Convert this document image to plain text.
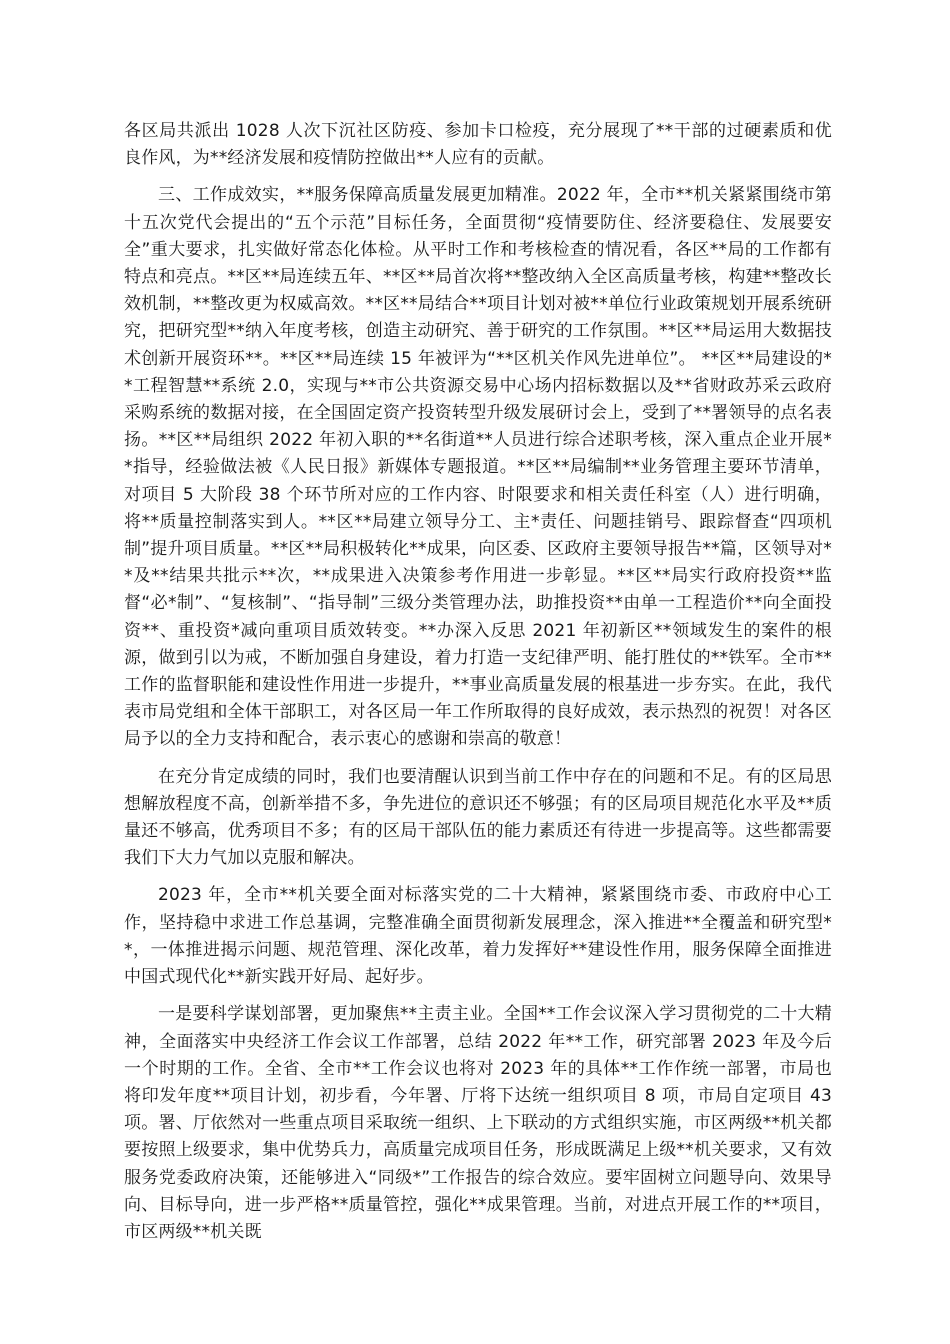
各区局共派出 1028 人次下沉社区防疫、参加卡口检疫，充分展现了**干部的过硬素质和优良作风，为**经济发展和疫情防控做出**人应有的贡献。

三、工作成效实，**服务保障高质量发展更加精准。2022 年，全市**机关紧紧围绕市第十五次党代会提出的“五个示范”目标任务，全面贯彻“疫情要防住、经济要稳住、发展要安全”重大要求，扎实做好常态化体检。从平时工作和考核检查的情况看，各区**局的工作都有特点和亮点。**区**局连续五年、**区**局首次将**整改纳入全区高质量考核，构建**整改长效机制，**整改更为权威高效。**区**局结合**项目计划对被**单位行业政策规划开展系统研究，把研究型**纳入年度考核，创造主动研究、善于研究的工作氛围。**区**局运用大数据技术创新开展资环**。**区**局连续 15 年被评为“**区机关作风先进单位”。 **区**局建设的**工程智慧**系统 2.0，实现与**市公共资源交易中心场内招标数据以及**省财政苏采云政府采购系统的数据对接，在全国固定资产投资转型升级发展研讨会上，受到了**署领导的点名表扬。**区**局组织 2022 年初入职的**名街道**人员进行综合述职考核，深入重点企业开展**指导，经验做法被《人民日报》新媒体专题报道。**区**局编制**业务管理主要环节清单，对项目 5 大阶段 38 个环节所对应的工作内容、时限要求和相关责任科室（人）进行明确，将**质量控制落实到人。**区**局建立领导分工、主*责任、问题挂销号、跟踪督查“四项机制”提升项目质量。**区**局积极转化**成果，向区委、区政府主要领导报告**篇，区领导对**及**结果共批示**次，**成果进入决策参考作用进一步彰显。**区**局实行政府投资**监督“必*制”、“复核制”、“指导制”三级分类管理办法，助推投资**由单一工程造价**向全面投资**、重投资*减向重项目质效转变。**办深入反思 2021 年初新区**领域发生的案件的根源，做到引以为戒，不断加强自身建设，着力打造一支纪律严明、能打胜仗的**铁军。全市**工作的监督职能和建设性作用进一步提升，**事业高质量发展的根基进一步夯实。在此，我代表市局党组和全体干部职工，对各区局一年工作所取得的良好成效，表示热烈的祝贺！对各区局予以的全力支持和配合，表示衷心的感谢和崇高的敬意！

在充分肯定成绩的同时，我们也要清醒认识到当前工作中存在的问题和不足。有的区局思想解放程度不高，创新举措不多，争先进位的意识还不够强；有的区局项目规范化水平及**质量还不够高，优秀项目不多；有的区局干部队伍的能力素质还有待进一步提高等。这些都需要我们下大力气加以克服和解决。

2023 年，全市**机关要全面对标落实党的二十大精神，紧紧围绕市委、市政府中心工作，坚持稳中求进工作总基调，完整准确全面贯彻新发展理念，深入推进**全覆盖和研究型**，一体推进揭示问题、规范管理、深化改革，着力发挥好**建设性作用，服务保障全面推进中国式现代化**新实践开好局、起好步。

一是要科学谋划部署，更加聚焦**主责主业。全国**工作会议深入学习贯彻党的二十大精神，全面落实中央经济工作会议工作部署，总结 2022 年**工作，研究部署 2023 年及今后一个时期的工作。全省、全市**工作会议也将对 2023 年的具体**工作作统一部署，市局也将印发年度**项目计划，初步看，今年署、厅将下达统一组织项目 8 项，市局自定项目 43 项。署、厅依然对一些重点项目采取统一组织、上下联动的方式组织实施，市区两级**机关都要按照上级要求，集中优势兵力，高质量完成项目任务，形成既满足上级**机关要求，又有效服务党委政府决策，还能够进入“同级*”工作报告的综合效应。要牢固树立问题导向、效果导向、目标导向，进一步严格**质量管控，强化**成果管理。当前，对进点开展工作的**项目，市区两级**机关既
